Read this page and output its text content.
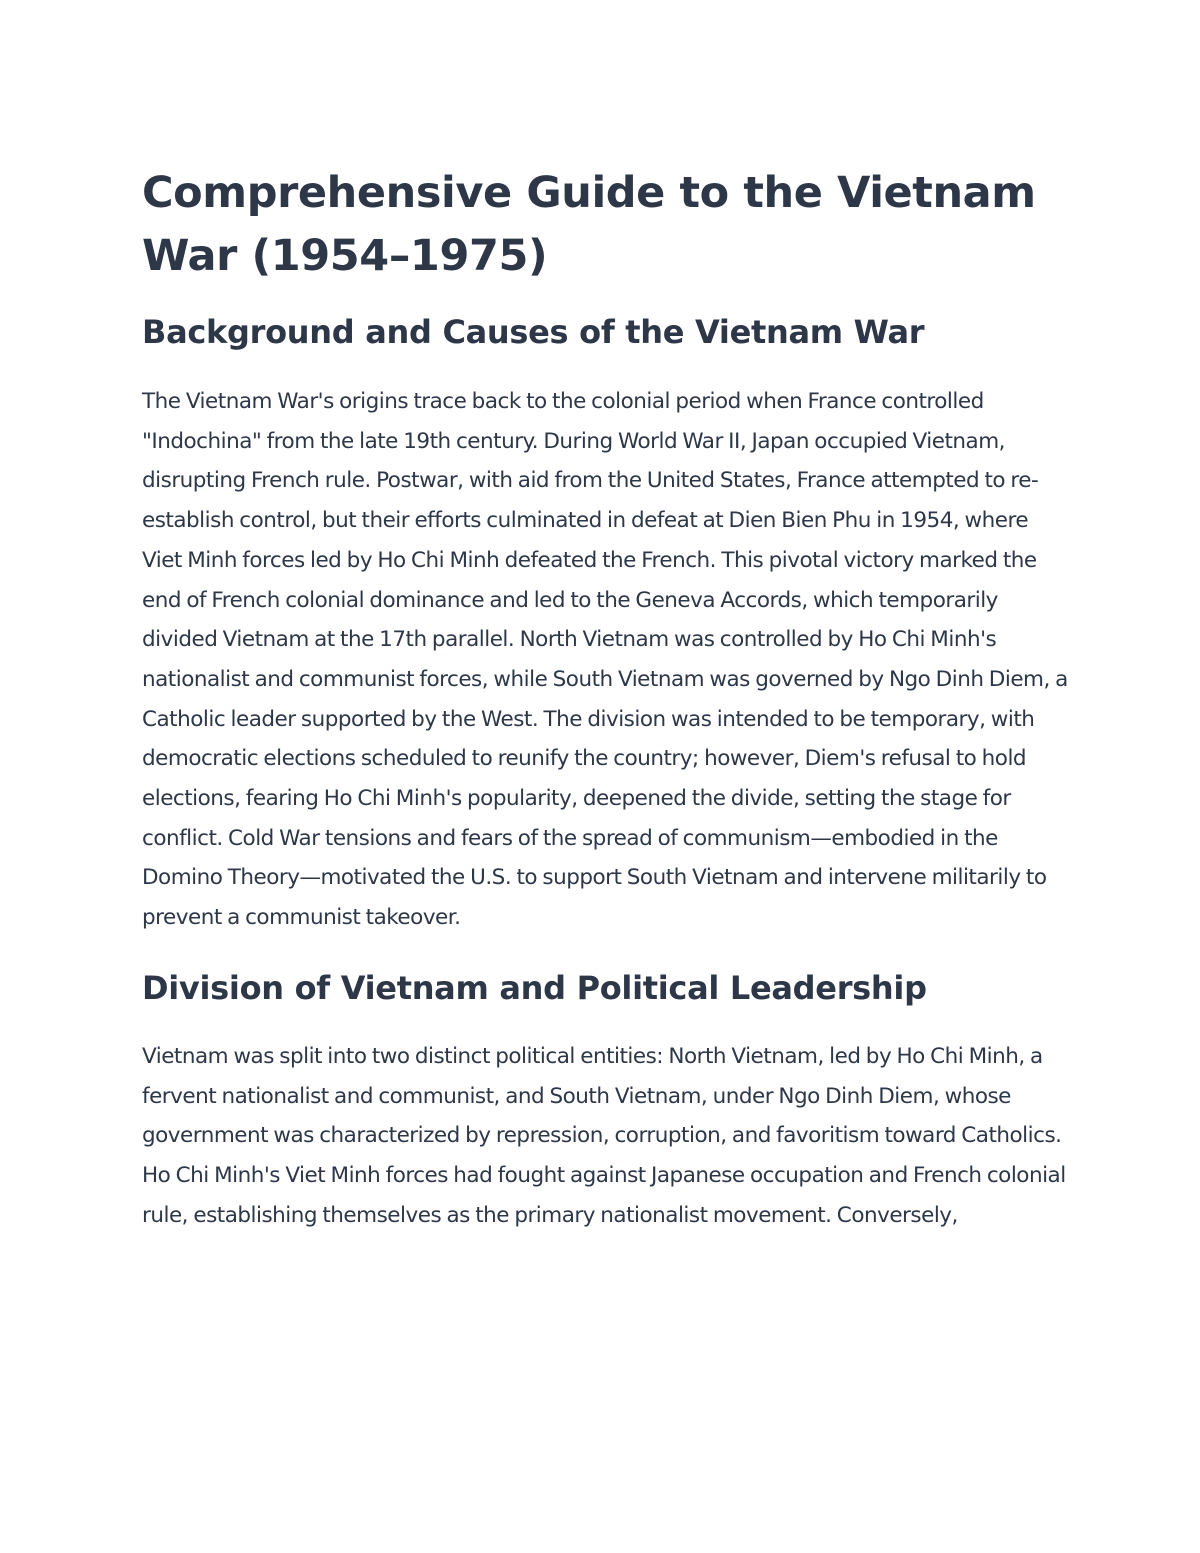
Comprehensive Guide to the Vietnam War (1954–1975)
Background and Causes of the Vietnam War

The Vietnam War's origins trace back to the colonial period when France controlled "Indochina" from the late 19th century. During World War II, Japan occupied Vietnam, disrupting French rule. Postwar, with aid from the United States, France attempted to re-establish control, but their efforts culminated in defeat at Dien Bien Phu in 1954, where Viet Minh forces led by Ho Chi Minh defeated the French. This pivotal victory marked the end of French colonial dominance and led to the Geneva Accords, which temporarily divided Vietnam at the 17th parallel. North Vietnam was controlled by Ho Chi Minh's nationalist and communist forces, while South Vietnam was governed by Ngo Dinh Diem, a Catholic leader supported by the West. The division was intended to be temporary, with democratic elections scheduled to reunify the country; however, Diem's refusal to hold elections, fearing Ho Chi Minh's popularity, deepened the divide, setting the stage for conflict. Cold War tensions and fears of the spread of communism—embodied in the Domino Theory—motivated the U.S. to support South Vietnam and intervene militarily to prevent a communist takeover.

Division of Vietnam and Political Leadership

Vietnam was split into two distinct political entities: North Vietnam, led by Ho Chi Minh, a fervent nationalist and communist, and South Vietnam, under Ngo Dinh Diem, whose government was characterized by repression, corruption, and favoritism toward Catholics. Ho Chi Minh's Viet Minh forces had fought against Japanese occupation and French colonial rule, establishing themselves as the primary nationalist movement. Conversely,
